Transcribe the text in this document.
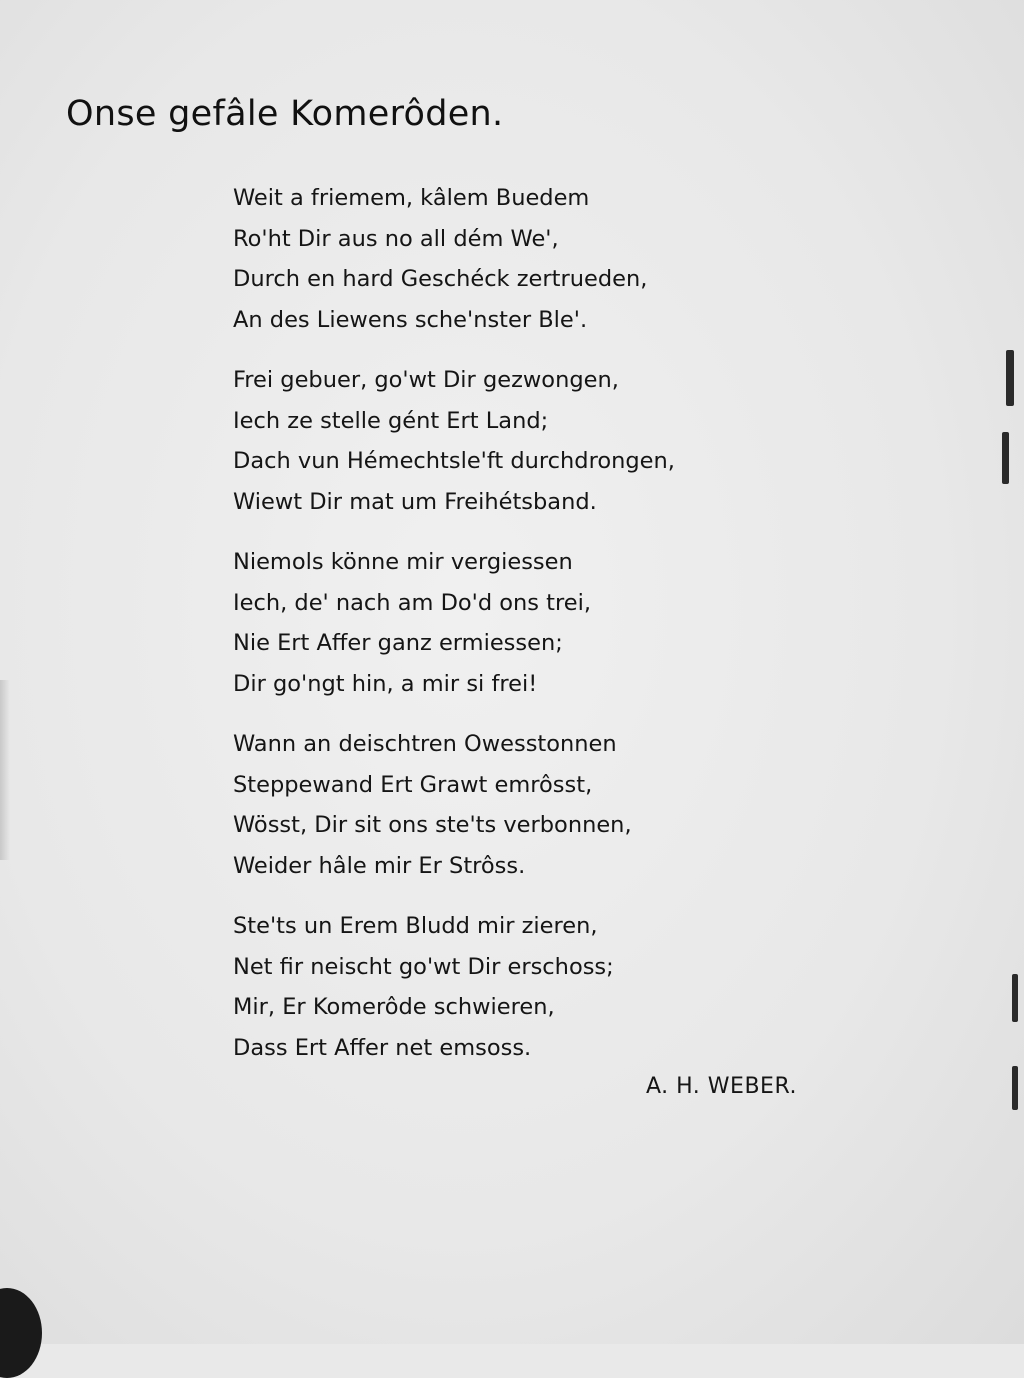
Onse gefâle Komerôden.
Weit a friemem, kâlem Buedem
Ro'ht Dir aus no all dém We',
Durch en hard Geschéck zertrueden,
An des Liewens sche'nster Ble'.
Frei gebuer, go'wt Dir gezwongen,
Iech ze stelle gént Ert Land;
Dach vun Hémechtsle'ft durchdrongen,
Wiewt Dir mat um Freihétsband.
Niemols könne mir vergiessen
Iech, de' nach am Do'd ons trei,
Nie Ert Affer ganz ermiessen;
Dir go'ngt hin, a mir si frei!
Wann an deischtren Owesstonnen
Steppewand Ert Grawt emrôsst,
Wösst, Dir sit ons ste'ts verbonnen,
Weider hâle mir Er Strôss.
Ste'ts un Erem Bludd mir zieren,
Net fir neischt go'wt Dir erschoss;
Mir, Er Komerôde schwieren,
Dass Ert Affer net emsoss.
A. H. WEBER.
